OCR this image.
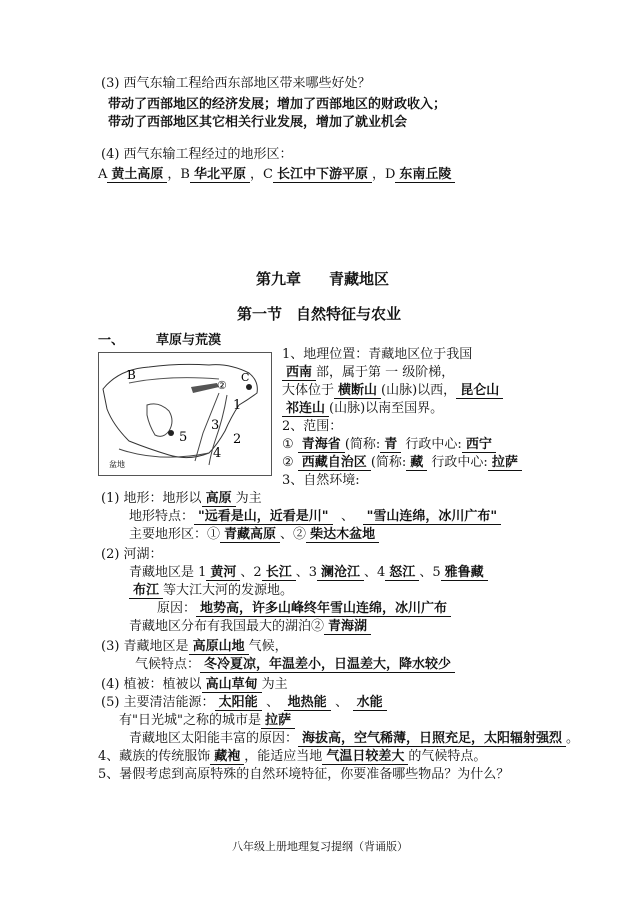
(3) 西气东输工程给西东部地区带来哪些好处？
带动了西部地区的经济发展；增加了西部地区的财政收入；
带动了西部地区其它相关行业发展，增加了就业机会
(4) 西气东输工程经过的地形区：
A 黄土高原 ，B 华北平原 ，C 长江中下游平原 ，D 东南丘陵
第九章 青藏地区
第一节 自然特征与农业
一、 草原与荒漠
B
②
C
1
3
2
4
5
盆地
1、地理位置：青藏地区位于我国
西南 部，属于第 一 级阶梯，
大体位于 横断山 (山脉)以西， 昆仑山
祁连山 (山脉)以南至国界。
2、范围：
① 青海省 (简称: 青 行政中心: 西宁
② 西藏自治区 (简称: 藏 行政中心: 拉萨
3、自然环境:
(1) 地形：地形以 高原 为主
地形特点： "远看是山，近看是川" 、 "雪山连绵，冰川广布"
主要地形区：① 青藏高原 、② 柴达木盆地
(2) 河湖：
青藏地区是 1 黄河 、2 长江 、3 澜沧江 、4 怒江 、5 雅鲁藏
布江 等大江大河的发源地。
原因： 地势高，许多山峰终年雪山连绵，冰川广布
青藏地区分布有我国最大的湖泊② 青海湖
(3) 青藏地区是 高原山地 气候，
气候特点： 冬冷夏凉，年温差小，日温差大，降水较少
(4) 植被：植被以 高山草甸 为主
(5) 主要清洁能源： 太阳能 、 地热能 、 水能
有"日光城"之称的城市是 拉萨
青藏地区太阳能丰富的原因： 海拔高，空气稀薄，日照充足，太阳辐射强烈 。
4、藏族的传统服饰 藏袍 ，能适应当地 气温日较差大 的气候特点。
5、暑假考虑到高原特殊的自然环境特征，你要准备哪些物品？为什么？
八年级上册地理复习提纲（背诵版）
